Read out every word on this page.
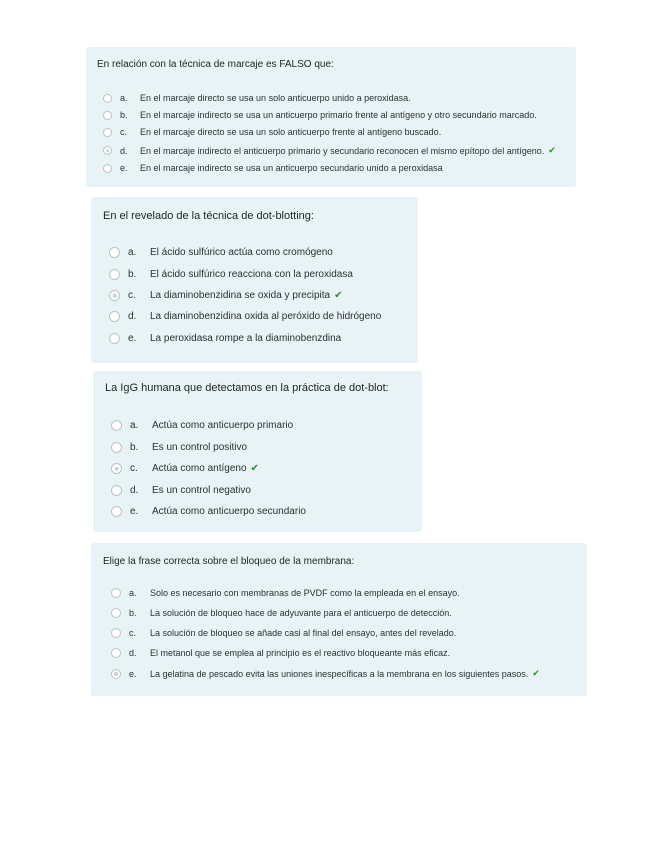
En relación con la técnica de marcaje es FALSO que:
a.	En el marcaje directo se usa un solo anticuerpo unido a peroxidasa.
b.	En el marcaje indirecto se usa un anticuerpo primario frente al antígeno y otro secundario marcado.
c.	En el marcaje directo se usa un solo anticuerpo frente al antígeno buscado.
d.	En el marcaje indirecto el anticuerpo primario y secundario reconocen el mismo epítopo del antígeno. ✔
e.	En el marcaje indirecto se usa un anticuerpo secundario unido a peroxidasa
En el revelado de la técnica de dot-blotting:
a.	El ácido sulfúrico actúa como cromógeno
b.	El ácido sulfúrico reacciona con la peroxidasa
c.	La diaminobenzidina se oxida y precipita ✔
d.	La diaminobenzidina oxida al peróxido de hidrógeno
e.	La peroxidasa rompe a la diaminobenzdina
La IgG humana que detectamos en la práctica de dot-blot:
a.	Actúa como anticuerpo primario
b.	Es un control positivo
c.	Actúa como antígeno ✔
d.	Es un control negativo
e.	Actúa como anticuerpo secundario
Elige la frase correcta sobre el bloqueo de la membrana:
a.	Solo es necesario con membranas de PVDF como la empleada en el ensayo.
b.	La solución de bloqueo hace de adyuvante para el anticuerpo de detección.
c.	La solución de bloqueo se añade casi al final del ensayo, antes del revelado.
d.	El metanol que se emplea al principio es el reactivo bloqueante más eficaz.
e.	La gelatina de pescado evita las uniones inespecíficas a la membrana en los siguientes pasos. ✔
